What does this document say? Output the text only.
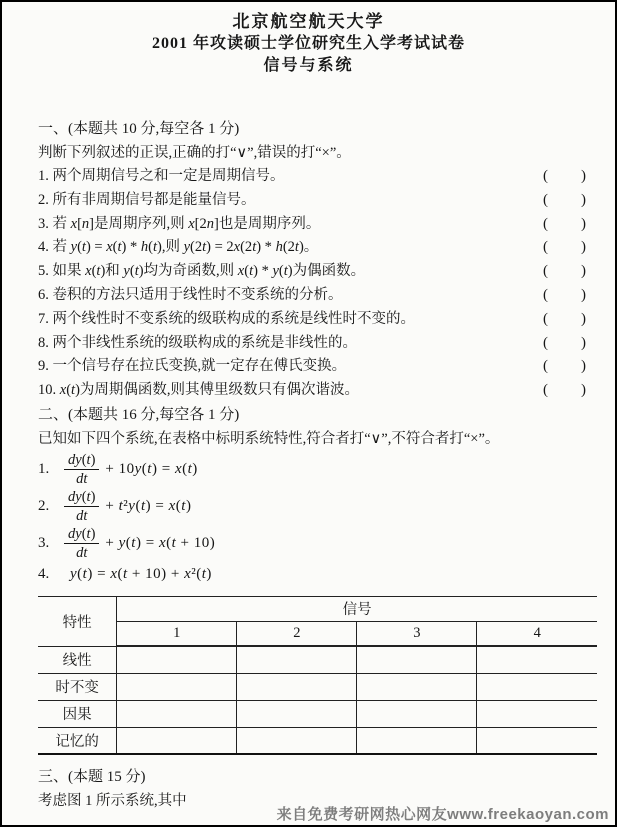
北京航空航天大学
2001 年攻读硕士学位研究生入学考试试卷
信号与系统
一、(本题共 10 分,每空各 1 分)
判断下列叙述的正误,正确的打“∨”,错误的打“×”。
1. 两个周期信号之和一定是周期信号。	(　　)
2. 所有非周期信号都是能量信号。	(　　)
3. 若 x[n]是周期序列,则 x[2n]也是周期序列。	(　　)
4. 若 y(t) = x(t) * h(t),则 y(2t) = 2x(2t) * h(2t)。	(　　)
5. 如果 x(t)和 y(t)均为奇函数,则 x(t) * y(t)为偶函数。	(　　)
6. 卷积的方法只适用于线性时不变系统的分析。	(　　)
7. 两个线性时不变系统的级联构成的系统是线性时不变的。	(　　)
8. 两个非线性系统的级联构成的系统是非线性的。	(　　)
9. 一个信号存在拉氏变换,就一定存在傅氏变换。	(　　)
10. x(t)为周期偶函数,则其傅里级数只有偶次谐波。	(　　)
二、(本题共 16 分,每空各 1 分)
已知如下四个系统,在表格中标明系统特性,符合者打“∨”,不符合者打“×”。
1.	$\frac{dy(t)}{dt} + 10y(t) = x(t)$
2.	$\frac{dy(t)}{dt} + t^2y(t) = x(t)$
3.	$\frac{dy(t)}{dt} + y(t) = x(t + 10)$
4.	y(t) = x(t + 10) + x²(t)
特性	信号			
	1	2	3	4
线性				
时不变				
因果				
记忆的				
三、(本题 15 分)
考虑图 1 所示系统,其中
来自免费考研网热心网友www.freekaoyan.com
